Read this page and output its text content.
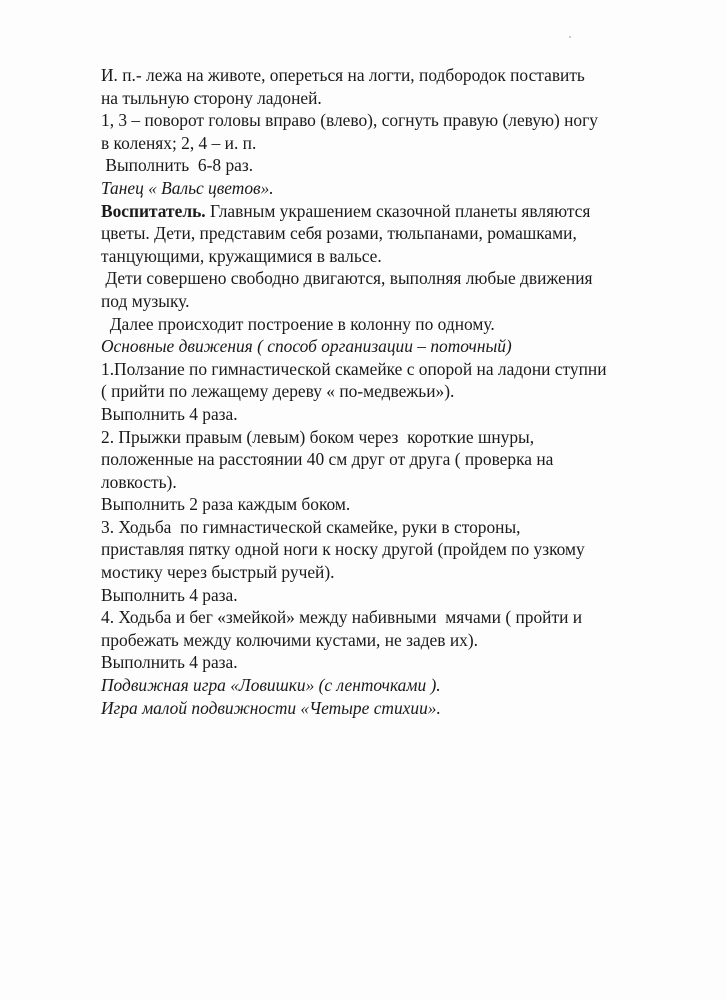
И. п.- лежа на животе, опереться на логти, подбородок поставить
на тыльную сторону ладоней.
1, 3 – поворот головы вправо (влево), согнуть правую (левую) ногу
в коленях; 2, 4 – и. п.
Выполнить  6-8 раз.
Танец « Вальс цветов».
Воспитатель. Главным украшением сказочной планеты являются
цветы. Дети, представим себя розами, тюльпанами, ромашками,
танцующими, кружащимися в вальсе.
Дети совершено свободно двигаются, выполняя любые движения
под музыку.
Далее происходит построение в колонну по одному.
Основные движения ( способ организации – поточный)
1.Ползание по гимнастической скамейке с опорой на ладони ступни
( прийти по лежащему дереву « по-медвежьи»).
Выполнить 4 раза.
2. Прыжки правым (левым) боком через  короткие шнуры,
положенные на расстоянии 40 см друг от друга ( проверка на
ловкость).
Выполнить 2 раза каждым боком.
3. Ходьба  по гимнастической скамейке, руки в стороны,
приставляя пятку одной ноги к носку другой (пройдем по узкому
мостику через быстрый ручей).
Выполнить 4 раза.
4. Ходьба и бег «змейкой» между набивными  мячами ( пройти и
пробежать между колючими кустами, не задев их).
Выполнить 4 раза.
Подвижная игра «Ловишки» (с ленточками ).
Игра малой подвижности «Четыре стихии».
